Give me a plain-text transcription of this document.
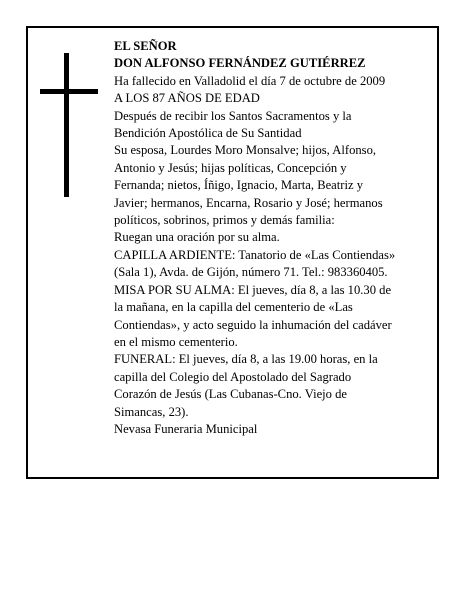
EL SEÑOR
DON ALFONSO FERNÁNDEZ GUTIÉRREZ
Ha fallecido en Valladolid el día 7 de octubre de 2009
A LOS 87 AÑOS DE EDAD
Después de recibir los Santos Sacramentos y la
Bendición Apostólica de Su Santidad
Su esposa, Lourdes Moro Monsalve; hijos, Alfonso,
Antonio y Jesús; hijas políticas, Concepción y
Fernanda; nietos, Íñigo, Ignacio, Marta, Beatriz y
Javier; hermanos, Encarna, Rosario y José; hermanos
políticos, sobrinos, primos y demás familia:
Ruegan una oración por su alma.
CAPILLA ARDIENTE: Tanatorio de «Las Contiendas»
(Sala 1), Avda. de Gijón, número 71. Tel.: 983360405.
MISA POR SU ALMA: El jueves, día 8, a las 10.30 de
la mañana, en la capilla del cementerio de «Las
Contiendas», y acto seguido la inhumación del cadáver
en el mismo cementerio.
FUNERAL: El jueves, día 8, a las 19.00 horas, en la
capilla del Colegio del Apostolado del Sagrado
Corazón de Jesús (Las Cubanas-Cno. Viejo de
Simancas, 23).
Nevasa Funeraria Municipal
